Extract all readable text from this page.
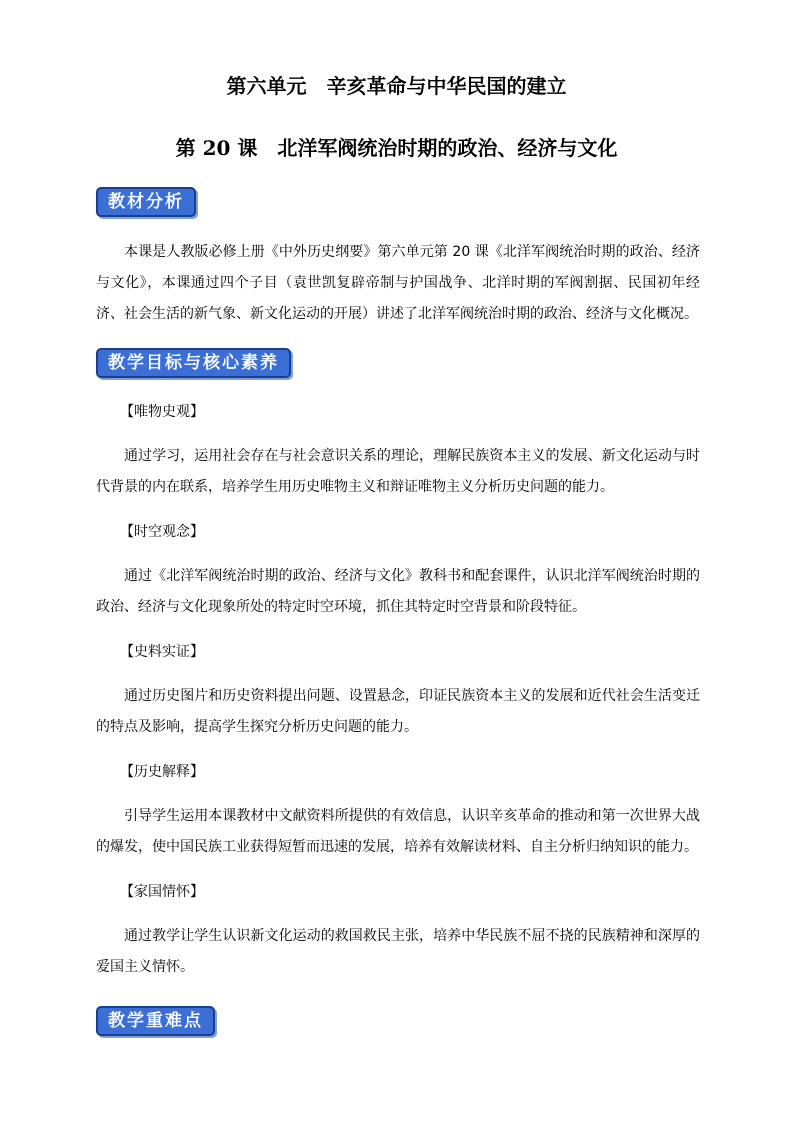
第六单元　辛亥革命与中华民国的建立
第 20 课　北洋军阀统治时期的政治、经济与文化
教材分析

本课是人教版必修上册《中外历史纲要》第六单元第 20 课《北洋军阀统治时期的政治、经济与文化》，本课通过四个子目（袁世凯复辟帝制与护国战争、北洋时期的军阀割据、民国初年经济、社会生活的新气象、新文化运动的开展）讲述了北洋军阀统治时期的政治、经济与文化概况。

教学目标与核心素养

【唯物史观】

通过学习，运用社会存在与社会意识关系的理论，理解民族资本主义的发展、新文化运动与时代背景的内在联系，培养学生用历史唯物主义和辩证唯物主义分析历史问题的能力。

【时空观念】

通过《北洋军阀统治时期的政治、经济与文化》教科书和配套课件，认识北洋军阀统治时期的政治、经济与文化现象所处的特定时空环境，抓住其特定时空背景和阶段特征。

【史料实证】

通过历史图片和历史资料提出问题、设置悬念，印证民族资本主义的发展和近代社会生活变迁的特点及影响，提高学生探究分析历史问题的能力。

【历史解释】

引导学生运用本课教材中文献资料所提供的有效信息，认识辛亥革命的推动和第一次世界大战的爆发，使中国民族工业获得短暂而迅速的发展，培养有效解读材料、自主分析归纳知识的能力。

【家国情怀】

通过教学让学生认识新文化运动的救国救民主张，培养中华民族不屈不挠的民族精神和深厚的爱国主义情怀。

教学重难点
